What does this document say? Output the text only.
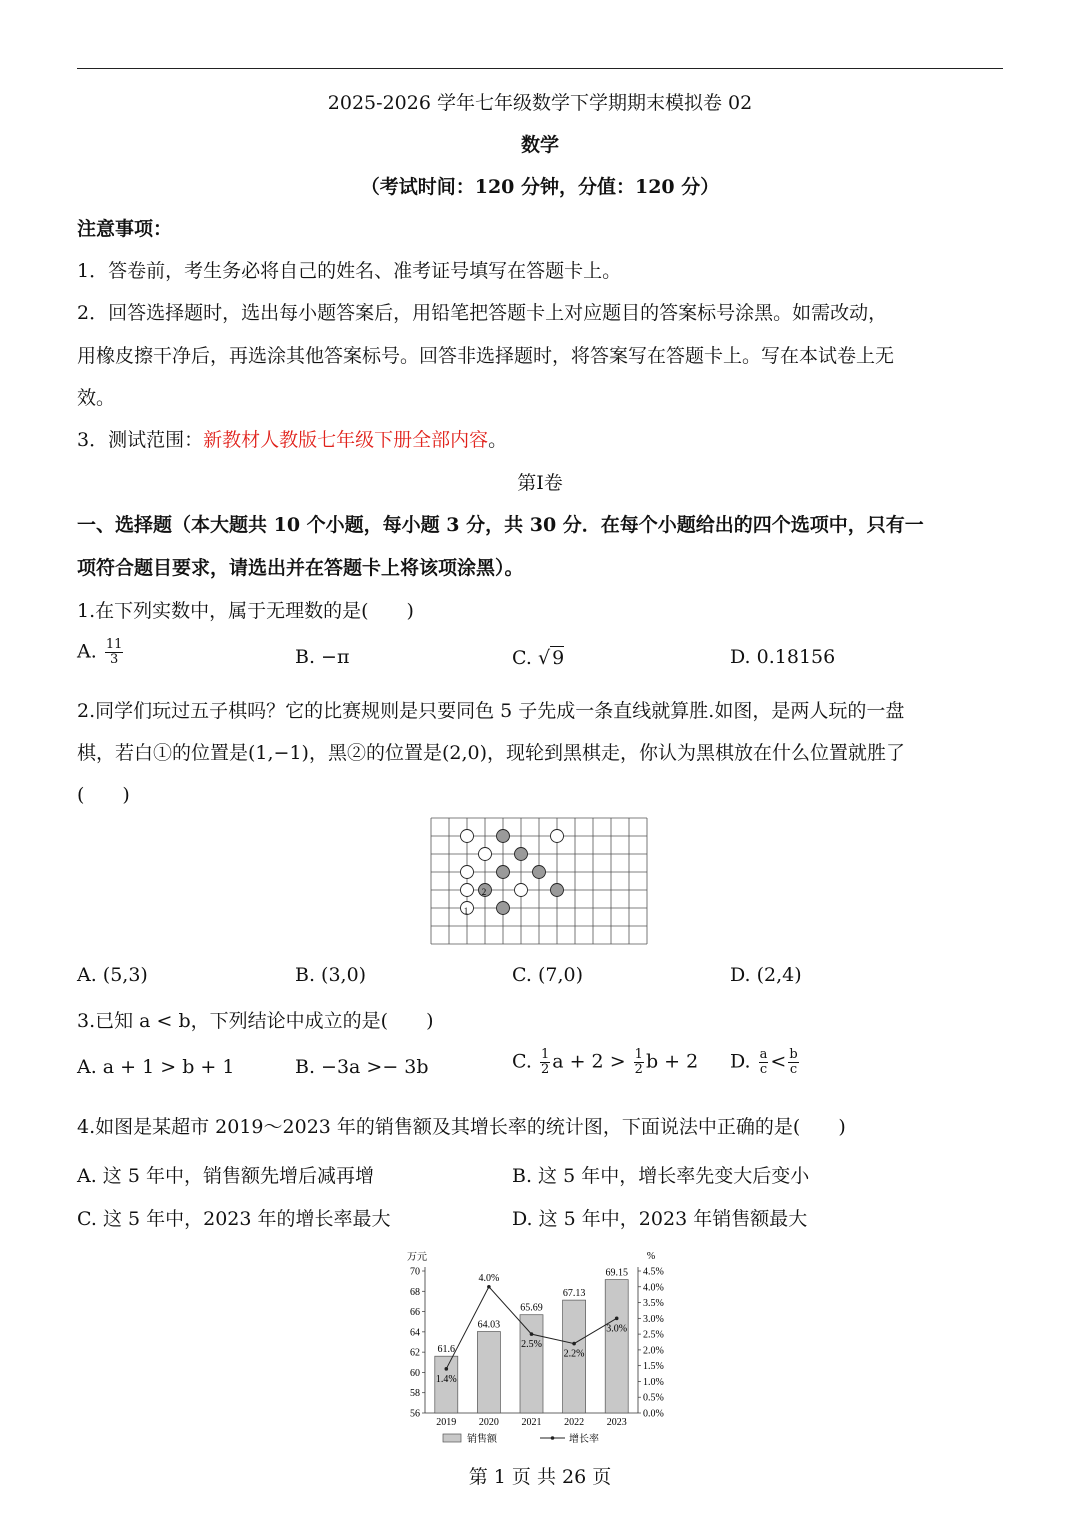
2025-2026 学年七年级数学下学期期末模拟卷 02
数学
（考试时间：120 分钟，分值：120 分）
注意事项：
1．答卷前，考生务必将自己的姓名、准考证号填写在答题卡上。
2．回答选择题时，选出每小题答案后，用铅笔把答题卡上对应题目的答案标号涂黑。如需改动，
用橡皮擦干净后，再选涂其他答案标号。回答非选择题时，将答案写在答题卡上。写在本试卷上无
效。
3．测试范围：新教材人教版七年级下册全部内容。
第Ⅰ卷
一、选择题（本大题共 10 个小题，每小题 3 分，共 30 分．在每个小题给出的四个选项中，只有一
项符合题目要求，请选出并在答题卡上将该项涂黑）。
1.在下列实数中，属于无理数的是(　　)
A. $\frac{11}{3}$	B. −π	C. √ 9	D. 0.18156
2.同学们玩过五子棋吗？它的比赛规则是只要同色 5 子先成一条直线就算胜.如图，是两人玩的一盘
棋，若白①的位置是(1,−1)，黑②的位置是(2,0)，现轮到黑棋走，你认为黑棋放在什么位置就胜了
(　　)
1
2
A. (5,3)	B. (3,0)	C. (7,0)	D. (2,4)
3.已知 a < b，下列结论中成立的是(　　)
A. a + 1 > b + 1	B. −3a >− 3b	C. $\frac{1}{2}$ $a + 2 > \frac{1}{2}$ b + 2 D. $\frac{a}{c} < \frac{b}{c}$
4.如图是某超市 2019～2023 年的销售额及其增长率的统计图，下面说法中正确的是(　　)
A. 这 5 年中，销售额先增后减再增	B. 这 5 年中，增长率先变大后变小
C. 这 5 年中，2023 年的增长率最大	D. 这 5 年中，2023 年销售额最大
万元	%
56
58
60
62
64
66
68
70
0.0%
0.5%
1.0%
1.5%
2.0%
2.5%
3.0%
3.5%
4.0%
4.5%
2019 2020 2021 2022 2023
61.6
64.03
65.69
67.13
69.15
1.4%
4.0%
2.5%
2.2%
3.0%
销售额	增长率
第 1 页 共 26 页
